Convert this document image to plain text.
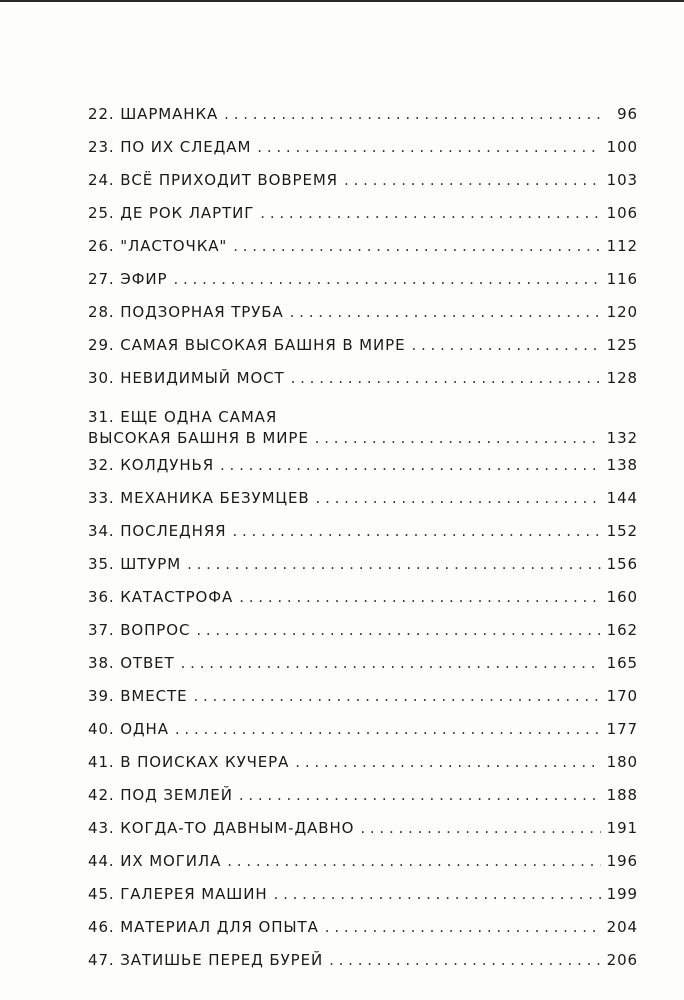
22. ШАРМАНКА . . .	96
23. ПО ИХ СЛЕДАМ . . .	100
24. ВСЁ ПРИХОДИТ ВОВРЕМЯ . . .	103
25. ДЕ РОК ЛАРТИГ . . .	106
26. "ЛАСТОЧКА" . . .	112
27. ЭФИР . . .	116
28. ПОДЗОРНАЯ ТРУБА . . .	120
29. САМАЯ ВЫСОКАЯ БАШНЯ В МИРЕ . . .	125
30. НЕВИДИМЫЙ МОСТ . . .	128
31. ЕЩЕ ОДНА САМАЯ
ВЫСОКАЯ БАШНЯ В МИРЕ . . .	132
32. КОЛДУНЬЯ . . .	138
33. МЕХАНИКА БЕЗУМЦЕВ . . .	144
34. ПОСЛЕДНЯЯ . . .	152
35. ШТУРМ . . .	156
36. КАТАСТРОФА . . .	160
37. ВОПРОС . . .	162
38. ОТВЕТ . . .	165
39. ВМЕСТЕ . . .	170
40. ОДНА . . .	177
41. В ПОИСКАХ КУЧЕРА . . .	180
42. ПОД ЗЕМЛЕЙ . . .	188
43. КОГДА-ТО ДАВНЫМ-ДАВНО . . .	191
44. ИХ МОГИЛА . . .	196
45. ГАЛЕРЕЯ МАШИН . . .	199
46. МАТЕРИАЛ ДЛЯ ОПЫТА . . .	204
47. ЗАТИШЬЕ ПЕРЕД БУРЕЙ . . .	206
